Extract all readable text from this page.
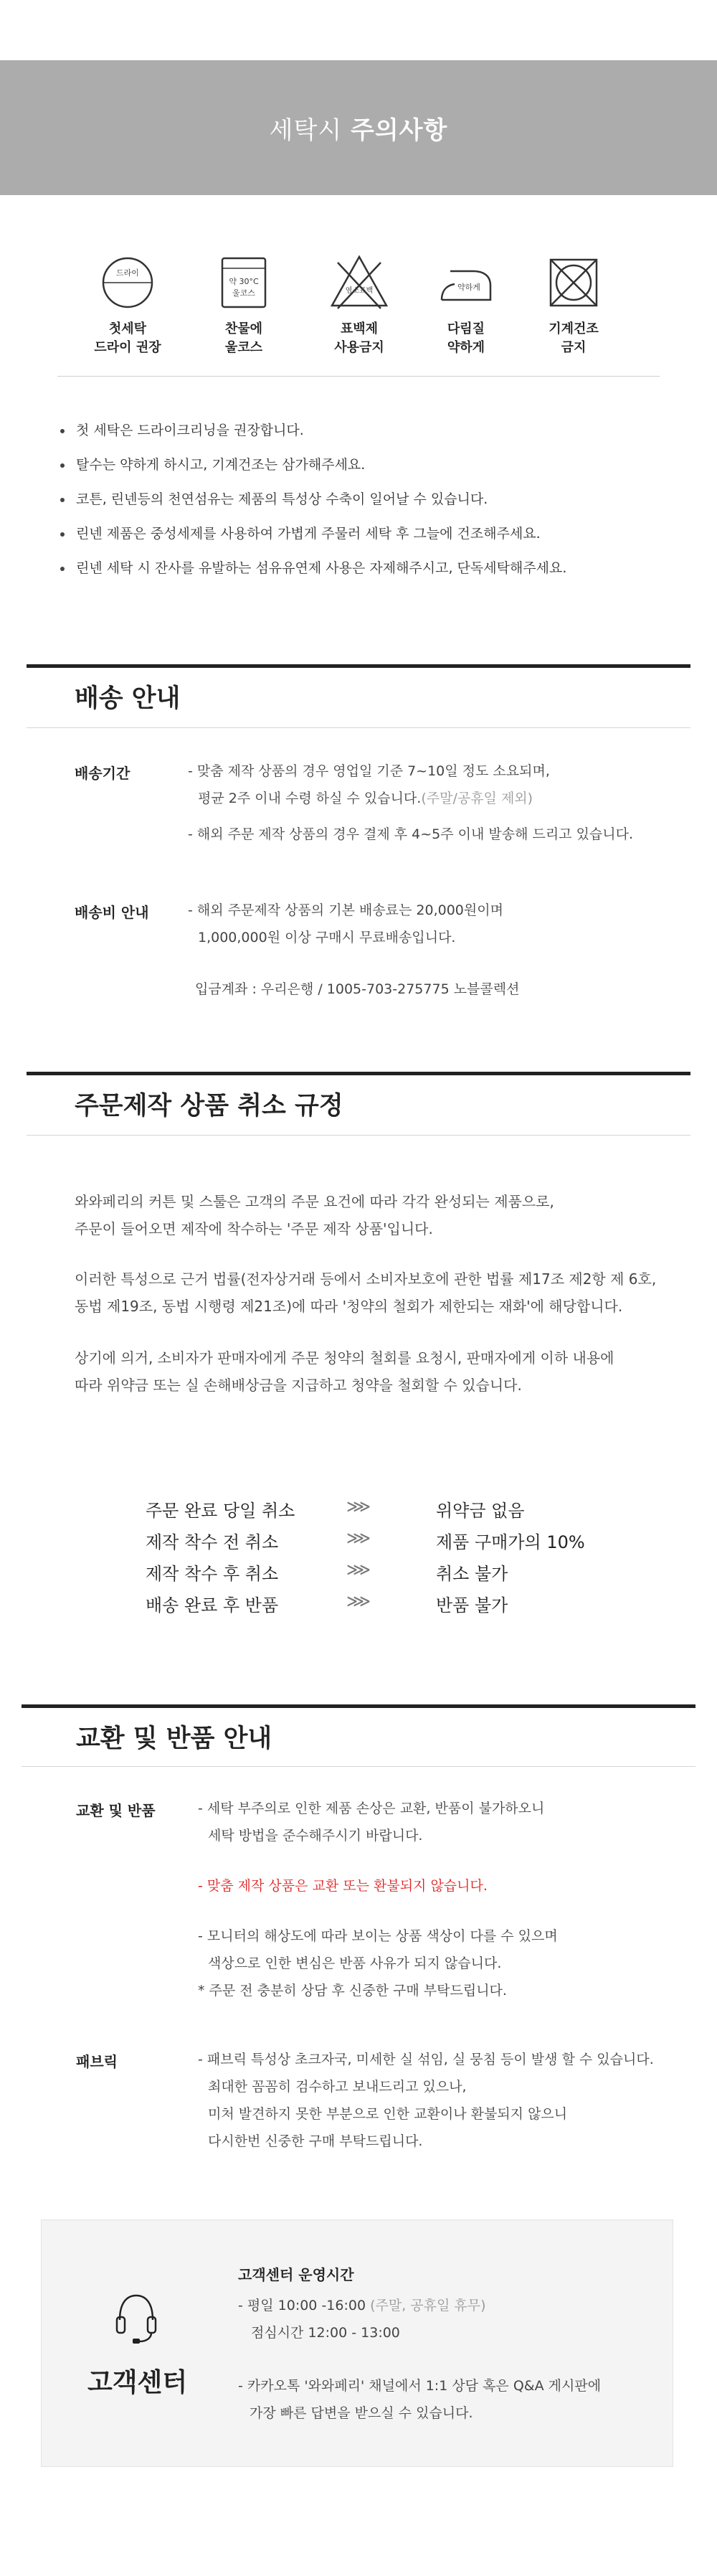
세탁시 주의사항
드라이
첫세탁
드라이 권장
약 30°C
울코스
찬물에
울코스
염소표백
표백제
사용금지
약하게
다림질
약하게
기계건조
금지
첫 세탁은 드라이크리닝을 권장합니다.
탈수는 약하게 하시고, 기계건조는 삼가해주세요.
코튼, 린넨등의 천연섬유는 제품의 특성상 수축이 일어날 수 있습니다.
린넨 제품은 중성세제를 사용하여 가볍게 주물러 세탁 후 그늘에 건조해주세요.
린넨 세탁 시 잔사를 유발하는 섬유유연제 사용은 자제해주시고, 단독세탁해주세요.
배송 안내
배송기간	- 맞춤 제작 상품의 경우 영업일 기준 7~10일 정도 소요되며,
평균 2주 이내 수령 하실 수 있습니다.(주말/공휴일 제외)
- 해외 주문 제작 상품의 경우 결제 후 4~5주 이내 발송해 드리고 있습니다.
배송비 안내	- 해외 주문제작 상품의 기본 배송료는 20,000원이며
1,000,000원 이상 구매시 무료배송입니다.
입금계좌 : 우리은행 / 1005-703-275775 노블콜렉션
주문제작 상품 취소 규정
와와페리의 커튼 및 스툴은 고객의 주문 요건에 따라 각각 완성되는 제품으로,
주문이 들어오면 제작에 착수하는 '주문 제작 상품'입니다.
이러한 특성으로 근거 법률(전자상거래 등에서 소비자보호에 관한 법률 제17조 제2항 제 6호,
동법 제19조, 동법 시행령 제21조)에 따라 '청약의 철회가 제한되는 재화'에 해당합니다.
상기에 의거, 소비자가 판매자에게 주문 청약의 철회를 요청시, 판매자에게 이하 내용에
따라 위약금 또는 실 손해배상금을 지급하고 청약을 철회할 수 있습니다.
주문 완료 당일 취소	⋙	위약금 없음
제작 착수 전 취소	⋙	제품 구매가의 10%
제작 착수 후 취소	⋙	취소 불가
배송 완료 후 반품	⋙	반품 불가
교환 및 반품 안내
교환 및 반품	- 세탁 부주의로 인한 제품 손상은 교환, 반품이 불가하오니
세탁 방법을 준수해주시기 바랍니다.
- 맞춤 제작 상품은 교환 또는 환불되지 않습니다.
- 모니터의 해상도에 따라 보이는 상품 색상이 다를 수 있으며
색상으로 인한 변심은 반품 사유가 되지 않습니다.
* 주문 전 충분히 상담 후 신중한 구매 부탁드립니다.
패브릭	- 패브릭 특성상 초크자국, 미세한 실 섞임, 실 뭉침 등이 발생 할 수 있습니다.
최대한 꼼꼼히 검수하고 보내드리고 있으나,
미처 발견하지 못한 부분으로 인한 교환이나 환불되지 않으니
다시한번 신중한 구매 부탁드립니다.
고객센터
고객센터 운영시간
- 평일 10:00 -16:00 (주말, 공휴일 휴무)
점심시간 12:00 - 13:00
- 카카오톡 '와와페리' 채널에서 1:1 상담 혹은 Q&A 게시판에
가장 빠른 답변을 받으실 수 있습니다.
